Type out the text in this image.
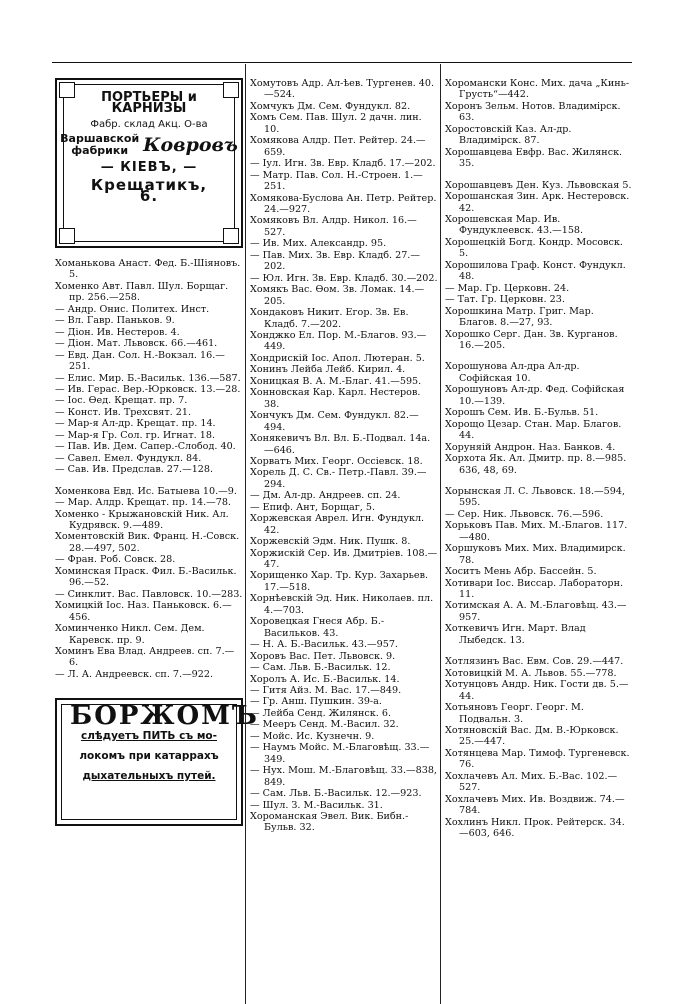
ПОРТЬЕРЫ и КАРНИЗЫ
Фабр. склад Акц. О-ва
Варшавской
фабрики Ковровъ
— КІЕВЪ, —
Крещатикъ, 6.
Хоманькова Анаст. Фед. Б.-Шіяновъ. 5.
Хоменко Авт. Павл. Шул. Борщаг. пр. 256.—258.
— Андр. Онис. Политех. Инст.
— Вл. Гавр. Паньков. 9.
— Діон. Ив. Нестеров. 4.
— Діон. Мат. Львовск. 66.—461.
— Евд. Дан. Сол. Н.-Вокзал. 16.—251.
— Елис. Мир. Б.-Васильк. 136.—587.
— Ив. Герас. Вер.-Юрковск. 13.—28.
— Іос. Ѳед. Крещат. пр. 7.
— Конст. Ив. Трехсвят. 21.
— Мар-я Ал-др. Крещат. пр. 14.
— Мар-я Гр. Сол. гр. Игнат. 18.
— Пав. Ив. Дем. Сапер.-Слобод. 40.
— Савел. Емел. Фундукл. 84.
— Сав. Ив. Предслав. 27.—128.
Хоменкова Евд. Ис. Батыева 10.—9.
— Мар. Алдр. Крещат. пр. 14.—78.
Хоменко - Крыжановскій Ник. Ал. Кудрявск. 9.—489.
Хоментовскій Вик. Франц. Н.-Совск. 28.—497, 502.
— Фран. Роб. Совск. 28.
Хоминская Праск. Фил. Б.-Васильк. 96.—52.
— Синклит. Вас. Павловск. 10.—283.
Хомицкій Іос. Наз. Паньковск. 6.—456.
Хоминченко Никл. Сем. Дем. Каревск. пр. 9.
Хоминъ Ева Влад. Андреев. сп. 7.—6.
— Л. А. Андреевск. сп. 7.—922.
БОРЖОМЪ
слѣдуетъ ПИТЬ съ мо-
локомъ при катаррахъ
дыхательныхъ путей.
Хомутовъ Адр. Ал-ѣев. Тургенев. 40.—524.
Хомчукъ Дм. Сем. Фундукл. 82.
Хомъ Сем. Пав. Шул. 2 дачн. лин. 10.
Хомякова Алдр. Пет. Рейтер. 24.—659.
— Іул. Игн. Зв. Евр. Кладб. 17.—202.
— Матр. Пав. Сол. Н.-Строен. 1.—251.
Хомякова-Буслова Ан. Петр. Рейтер. 24.—927.
Хомяковъ Вл. Алдр. Никол. 16.—527.
— Ив. Мих. Александр. 95.
— Пав. Мих. Зв. Евр. Кладб. 27.—202.
— Юл. Игн. Зв. Евр. Кладб. 30.—202.
Хомякъ Вас. Ѳом. Зв. Ломак. 14.—205.
Хондаковъ Никит. Егор. Зв. Ев. Кладб. 7.—202.
Хонджко Ел. Пор. М.-Благов. 93.—449.
Хондрискій Іос. Апол. Лютеран. 5.
Хонинъ Лейба Лейб. Кирил. 4.
Хоницкая В. А. М.-Благ. 41.—595.
Хонновская Кар. Карл. Нестеров. 38.
Хончукъ Дм. Сем. Фундукл. 82.—494.
Хонякевичъ Вл. Вл. Б.-Подвал. 14а.—646.
Хорватъ Мих. Георг. Оссіевск. 18.
Хорель Д. С. Св.- Петр.-Павл. 39.—294.
— Дм. Ал-др. Андреев. сп. 24.
— Епиф. Ант, Борщаг, 5.
Хоржевская Аврел. Игн. Фундукл. 42.
Хоржевскій Эдм. Ник. Пушк. 8.
Хоржискій Сер. Ив. Дмитріев. 108.—47.
Хорищенко Хар. Тр. Кур. Захарьев. 17.—518.
Хорнѣевскій Эд. Ник. Николаев. пл. 4.—703.
Хоровецкая Гнеся Абр. Б.-Васильков. 43.
— Н. А. Б.-Васильк. 43.—957.
Хоровъ Вас. Пет. Львовск. 9.
— Сам. Льв. Б.-Васильк. 12.
Хоролъ А. Ис. Б.-Васильк. 14.
— Гитя Айз. М. Вас. 17.—849.
— Гр. Анш. Пушкин. 39-а.
— Лейба Сенд. Жилянск. 6.
— Мееръ Сенд. М.-Васил. 32.
— Мойс. Ис. Кузнечн. 9.
— Наумъ Мойс. М.-Благовѣщ. 33.—349.
— Нух. Мош. М.-Благовѣщ. 33.—838, 849.
— Сам. Льв. Б.-Васильк. 12.—923.
— Шул. З. М.-Васильк. 31.
Хороманская Эвел. Вик. Бибн.-Бульв. 32.
Хоромански Конс. Мих. дача „Кинь-Грусть“—442.
Хоронъ Зельм. Нотов. Владимірск. 63.
Хоростовскій Каз. Ал-др. Владимірск. 87.
Хорошавцева Евфр. Вас. Жилянск. 35.
Хорошавцевъ Ден. Куз. Львовская 5.
Хорошанская Зин. Арк. Нестеровск. 42.
Хорошевская Мар. Ив. Фундуклеевск. 43.—158.
Хорошецкій Богд. Кондр. Мосовск. 5.
Хорошилова Граф. Конст. Фундукл. 48.
— Мар. Гр. Церковн. 24.
— Тат. Гр. Церковн. 23.
Хорошкина Матр. Григ. Мар. Благов. 8.—27, 93.
Хорошко Серг. Дан. Зв. Курганов. 16.—205.
Хорошунова Ал-дра Ал-др. Софійская 10.
Хорошуновъ Ал-др. Фед. Софійская 10.—139.
Хорошъ Сем. Ив. Б.-Бульв. 51.
Хорощо Цезар. Стан. Мар. Благов. 44.
Хоруняій Андрон. Наз. Банков. 4.
Хорхота Як. Ал. Дмитр. пр. 8.—985. 636, 48, 69.
Хорынская Л. С. Львовск. 18.—594, 595.
— Сер. Ник. Львовск. 76.—596.
Хорьковъ Пав. Мих. М.-Благов. 117.—480.
Хоршуковъ Мих. Мих. Владимирск. 78.
Хоситъ Мень Абр. Бассейн. 5.
Хотивари Іос. Виссар. Лабораторн. 11.
Хотимская А. А. М.-Благовѣщ. 43.—957.
Хоткевичъ Игн. Март. Влад Лыбедск. 13.
Хотлязинъ Вас. Евм. Сов. 29.—447.
Хотовицкій М. А. Львов. 55.—778.
Хотунцовъ Андр. Ник. Гости дв. 5.—44.
Хотьяновъ Георг. Георг. М. Подвальн. 3.
Хотяновскій Вас. Дм. В.-Юрковск. 25.—447.
Хотянцева Мар. Тимоф. Тургеневск. 76.
Хохлачевъ Ал. Мих. Б.-Вас. 102.—527.
Хохлачевъ Мих. Ив. Воздвиж. 74.—784.
Хохлинъ Никл. Прок. Рейтерск. 34.—603, 646.
